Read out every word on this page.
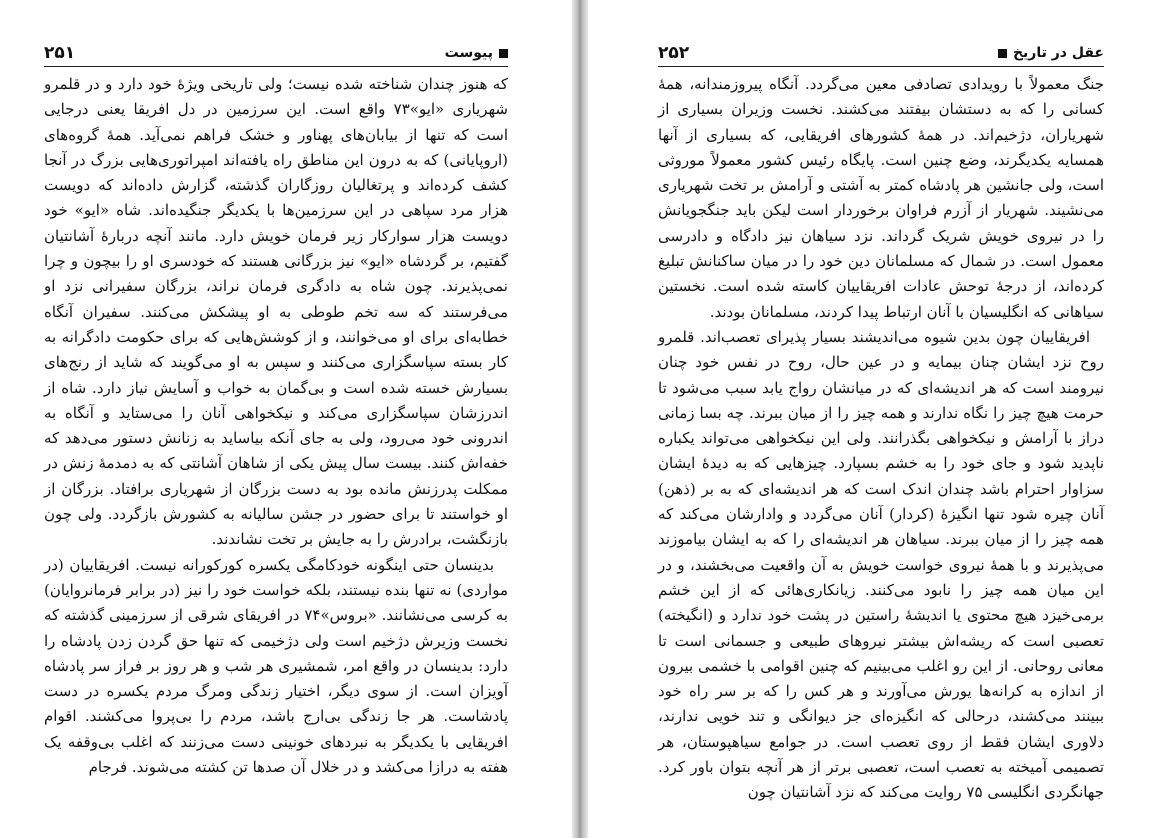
پیوست
۲۵۱

که هنوز چندان شناخته شده نیست؛ ولی تاریخی ویژهٔ خود دارد و در قلمرو شهریاری «ایو»۷۳ واقع است. این سرزمین در دل افریقا یعنی درجایی است که تنها از بیابان‌های پهناور و خشک فراهم نمی‌آید. همهٔ گروه‌های (اروپایانی) که به درون این مناطق راه یافته‌اند امپراتوری‌هایی بزرگ در آنجا کشف کرده‌اند و پرتغالیان روزگاران گذشته، گزارش داده‌اند که دویست هزار مرد سپاهی در این سرزمین‌ها با یکدیگر جنگیده‌اند. شاه «ایو» خود دویست هزار سوارکار زیر فرمان خویش دارد. مانند آنچه دربارهٔ آشانتیان گفتیم، بر گردشاه «ایو» نیز بزرگانی هستند که خودسری او را بیچون و چرا نمی‌پذیرند. چون شاه به دادگری فرمان نراند، بزرگان سفیرانی نزد او می‌فرستند که سه تخم طوطی به او پیشکش می‌کنند. سفیران آنگاه خطابه‌ای برای او می‌خوانند، و از کوشش‌هایی که برای حکومت دادگرانه به کار بسته سپاسگزاری می‌کنند و سپس به او می‌گویند که شاید از رنج‌های بسیارش خسته شده است و بی‌گمان به خواب و آسایش نیاز دارد. شاه از اندرزشان سپاسگزاری می‌کند و نیکخواهی آنان را می‌ستاید و آنگاه به اندرونی خود می‌رود، ولی به جای آنکه بیاساید به زنانش دستور می‌دهد که خفه‌اش کنند. بیست سال پیش یکی از شاهان آشانتی که به دمدمهٔ زنش در ممکلت پدرزنش مانده بود به دست بزرگان از شهریاری برافتاد. بزرگان از او خواستند تا برای حضور در جشن سالیانه به کشورش بازگردد. ولی چون بازنگشت، برادرش را به جایش بر تخت نشاندند.

بدینسان حتی اینگونه خودکامگی یکسره کورکورانه نیست. افریقاییان (در مواردی) نه تنها بنده نیستند، بلکه خواست خود را نیز (در برابر فرمانروایان) به کرسی می‌نشانند. «بروس»۷۴ در افریقای شرقی از سرزمینی گذشته که نخست وزیرش دژخیم است ولی دژخیمی که تنها حق گردن زدن پادشاه را دارد: بدینسان در واقع امر، شمشیری هر شب و هر روز بر فراز سر پادشاه آویزان است. از سوی دیگر، اختیار زندگی ومرگ مردم یکسره در دست پادشاست. هر جا زندگی بی‌ارج باشد، مردم را بی‌پروا می‌کشند. اقوام افریقایی با یکدیگر به نبردهای خونینی دست می‌زنند که اغلب بی‌وقفه یک هفته به درازا می‌کشد و در خلال آن صدها تن کشته می‌شوند. فرجام

عقل در تاریخ
۲۵۲

جنگ معمولاً با رویدادی تصادفی معین می‌گردد. آنگاه پیروزمندانه، همهٔ کسانی را که به دستشان بیفتند می‌کشند. نخست وزیران بسیاری از شهریاران، دژخیم‌اند. در همهٔ کشورهای افریقایی، که بسیاری از آنها همسایه یکدیگرند، وضع چنین است. پایگاه رئیس کشور معمولاً موروثی است، ولی جانشین هر پادشاه کمتر به آشتی و آرامش بر تخت شهریاری می‌نشیند. شهریار از آزرم فراوان برخوردار است لیکن باید جنگجویانش را در نیروی خویش شریک گرداند. نزد سیاهان نیز دادگاه و دادرسی معمول است. در شمال که مسلمانان دین خود را در میان ساکنانش تبلیغ کرده‌اند، از درجهٔ توحش عادات افریقاییان کاسته شده است. نخستین سیاهانی که انگلیسیان با آنان ارتباط پیدا کردند، مسلمانان بودند.

افریقاییان چون بدین شیوه می‌اندیشند بسیار پذیرای تعصب‌اند. قلمرو روح نزد ایشان چنان بیمایه و در عین حال، روح در نفس خود چنان نیرومند است که هر اندیشه‌ای که در میانشان رواج یابد سبب می‌شود تا حرمت هیچ چیز را نگاه ندارند و همه چیز را از میان ببرند. چه بسا زمانی دراز با آرامش و نیکخواهی بگذرانند. ولی این نیکخواهی می‌تواند یکباره ناپدید شود و جای خود را به خشم بسپارد. چیزهایی که به دیدهٔ ایشان سزاوار احترام باشد چندان اندک است که هر اندیشه‌ای که به بر (ذهن) آنان چیره شود تنها انگیزهٔ (کردار) آنان می‌گردد و وادارشان می‌کند که همه چیز را از میان ببرند. سیاهان هر اندیشه‌ای را که به ایشان بیاموزند می‌پذیرند و با همهٔ نیروی خواست خویش به آن واقعیت می‌بخشند، و در این میان همه چیز را نابود می‌کنند. زیانکاری‌هائی که از این خشم برمی‌خیزد هیچ محتوی یا اندیشهٔ راستین در پشت خود ندارد و (انگیخته) تعصبی است که ریشه‌اش بیشتر نیروهای طبیعی و جسمانی است تا معانی روحانی. از این رو اغلب می‌بینیم که چنین اقوامی با خشمی بیرون از اندازه به کرانه‌ها یورش می‌آورند و هر کس را که بر سر راه خود ببینند می‌کشند، درحالی که انگیزه‌ای جز دیوانگی و تند خویی ندارند، دلاوری ایشان فقط از روی تعصب است. در جوامع سیاهپوستان، هر تصمیمی آمیخته به تعصب است، تعصبی برتر از هر آنچه بتوان باور کرد. جهانگردی انگلیسی ۷۵ روایت می‌کند که نزد آشانتیان چون
